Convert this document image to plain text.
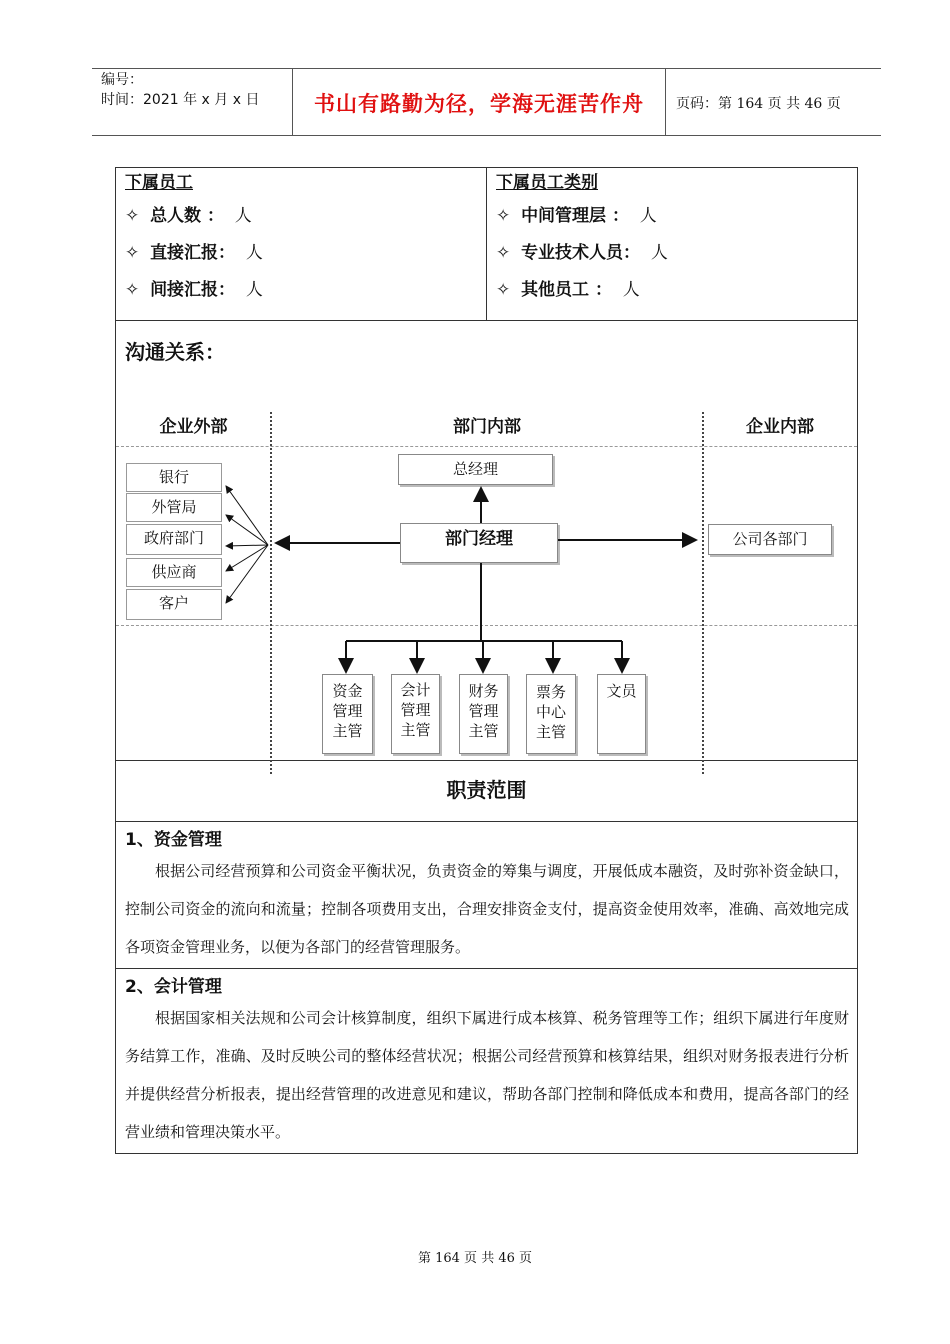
编号：
时间：2021 年 x 月 x 日	书山有路勤为径，学海无涯苦作舟	页码：第 164 页 共 46 页
下属员工
✧ 总人数 ： 人
✧ 直接汇报： 人
✧ 间接汇报： 人
下属员工类别
✧ 中间管理层 ： 人
✧ 专业技术人员： 人
✧ 其他员工 ： 人
沟通关系：
企业外部	部门内部	企业内部
银行
外管局
政府部门
供应商
客户
总经理
部门经理	公司各部门
资金
管理
主管
会计
管理
主管
财务
管理
主管
票务
中心
主管
文员
职责范围
1、资金管理
根据公司经营预算和公司资金平衡状况，负责资金的筹集与调度，开展低成本融资，及时弥补资金缺口，控制公司资金的流向和流量；控制各项费用支出，合理安排资金支付，提高资金使用效率，准确、高效地完成各项资金管理业务，以便为各部门的经营管理服务。
2、会计管理
根据国家相关法规和公司会计核算制度，组织下属进行成本核算、税务管理等工作；组织下属进行年度财务结算工作，准确、及时反映公司的整体经营状况；根据公司经营预算和核算结果，组织对财务报表进行分析并提供经营分析报表，提出经营管理的改进意见和建议，帮助各部门控制和降低成本和费用，提高各部门的经营业绩和管理决策水平。
第 164 页 共 46 页
